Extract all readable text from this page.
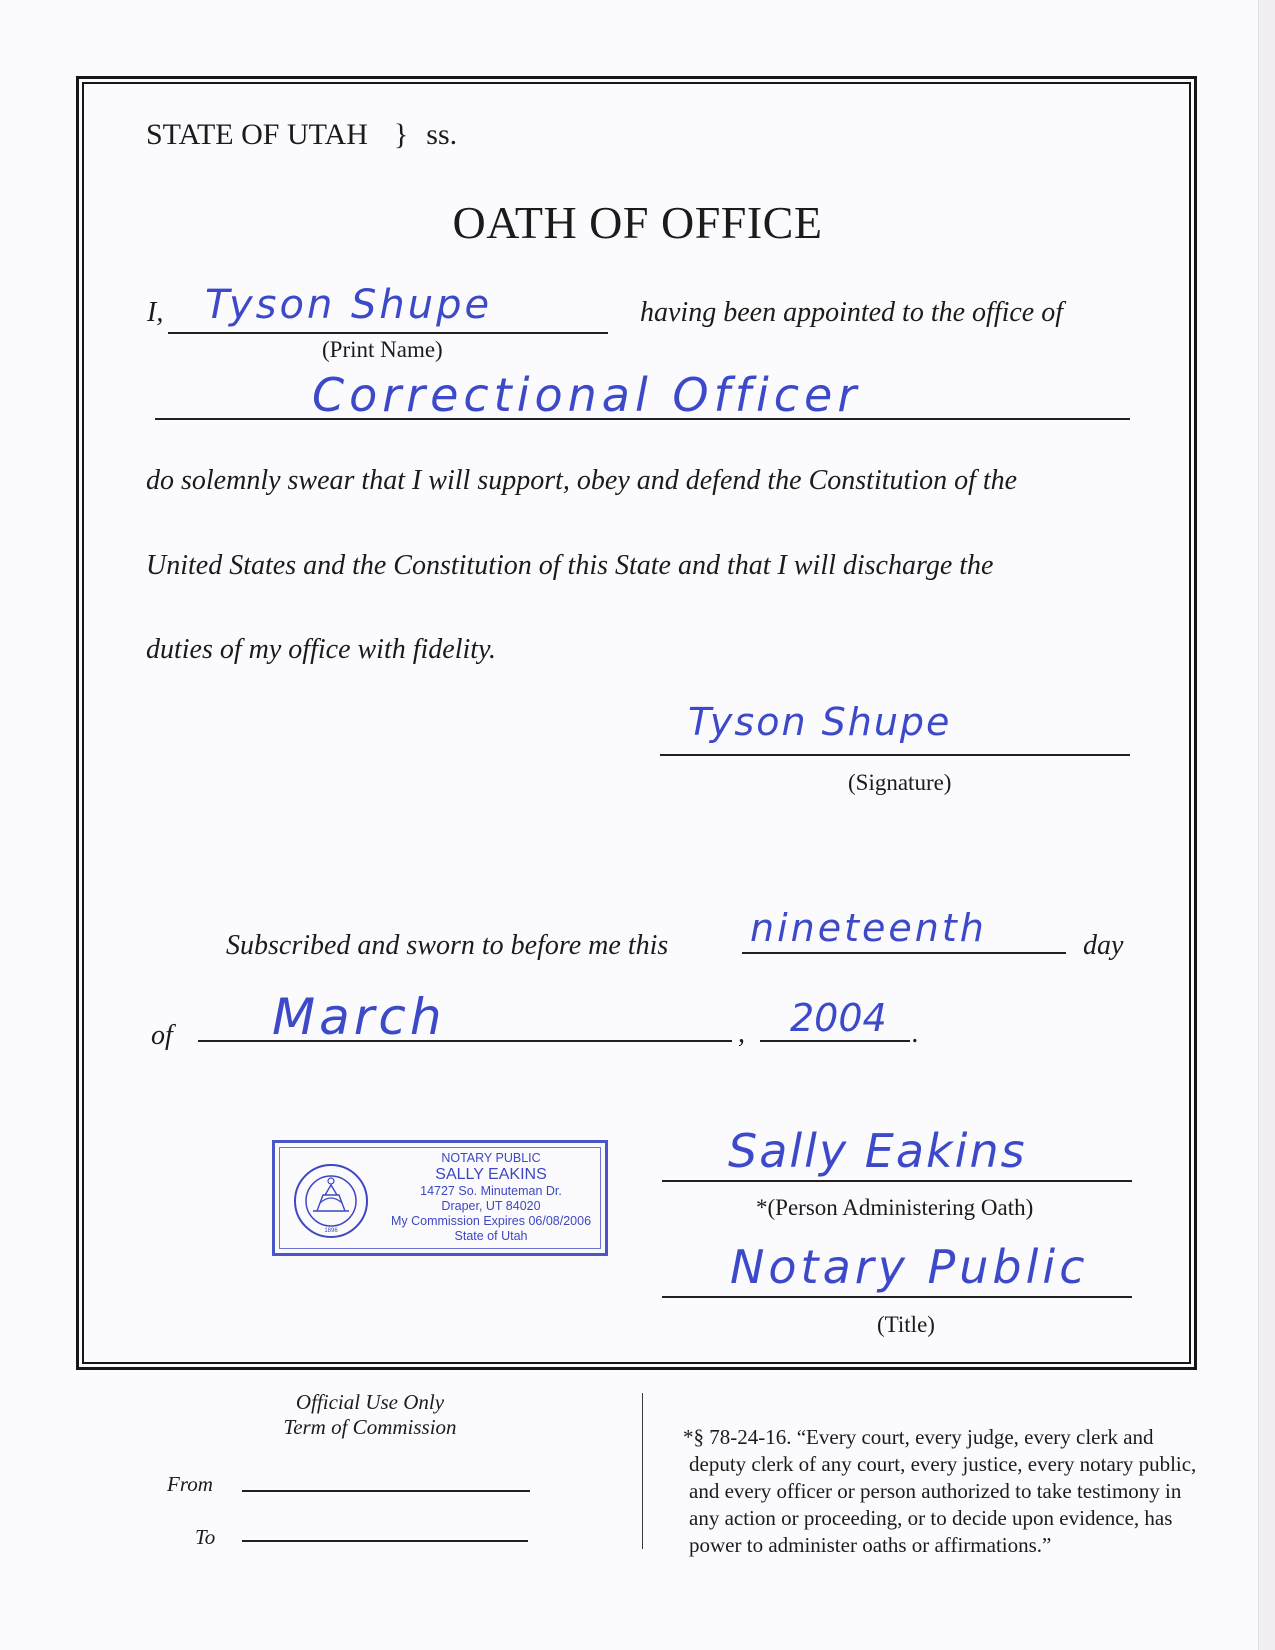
STATE OF UTAH } ss.
OATH OF OFFICE
I, Tyson Shupe	having been appointed to the office of
(Print Name)
Correctional Officer
do solemnly swear that I will support, obey and defend the Constitution of the
United States and the Constitution of this State and that I will discharge the
duties of my office with fidelity.
Tyson Shupe
(Signature)
Subscribed and sworn to before me this nineteenth	day
of March	, 2004 .
1896
NOTARY PUBLIC
SALLY EAKINS
14727 So. Minuteman Dr.
Draper, UT 84020
My Commission Expires 06/08/2006
State of Utah
Sally Eakins
*(Person Administering Oath)
Notary Public
(Title)
Official Use Only
Term of Commission
From
To
*§ 78-24-16. “Every court, every judge, every clerk and
deputy clerk of any court, every justice, every notary public,
and every officer or person authorized to take testimony in
any action or proceeding, or to decide upon evidence, has
power to administer oaths or affirmations.”
